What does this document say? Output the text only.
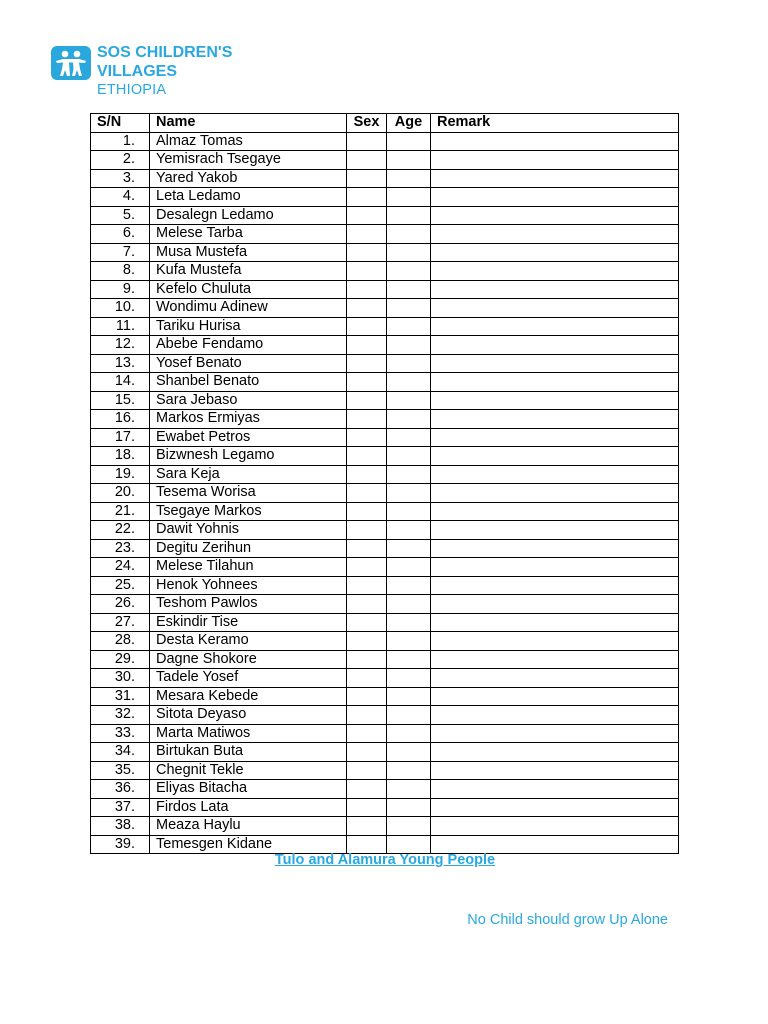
SOS CHILDREN'S
VILLAGES
ETHIOPIA
S/N	Name	Sex	Age	Remark
1.	Almaz Tomas			
2.	Yemisrach Tsegaye			
3.	Yared Yakob			
4.	Leta Ledamo			
5.	Desalegn Ledamo			
6.	Melese Tarba			
7.	Musa Mustefa			
8.	Kufa Mustefa			
9.	Kefelo Chuluta			
10.	Wondimu Adinew			
11.	Tariku Hurisa			
12.	Abebe Fendamo			
13.	Yosef Benato			
14.	Shanbel Benato			
15.	Sara Jebaso			
16.	Markos Ermiyas			
17.	Ewabet Petros			
18.	Bizwnesh Legamo			
19.	Sara Keja			
20.	Tesema Worisa			
21.	Tsegaye Markos			
22.	Dawit Yohnis			
23.	Degitu Zerihun			
24.	Melese Tilahun			
25.	Henok Yohnees			
26.	Teshom Pawlos			
27.	Eskindir Tise			
28.	Desta Keramo			
29.	Dagne Shokore			
30.	Tadele Yosef			
31.	Mesara Kebede			
32.	Sitota Deyaso			
33.	Marta Matiwos			
34.	Birtukan Buta			
35.	Chegnit Tekle			
36.	Eliyas Bitacha			
37.	Firdos Lata			
38.	Meaza Haylu			
39.	Temesgen Kidane			
Tulo and Alamura Young People
No Child should grow Up Alone
